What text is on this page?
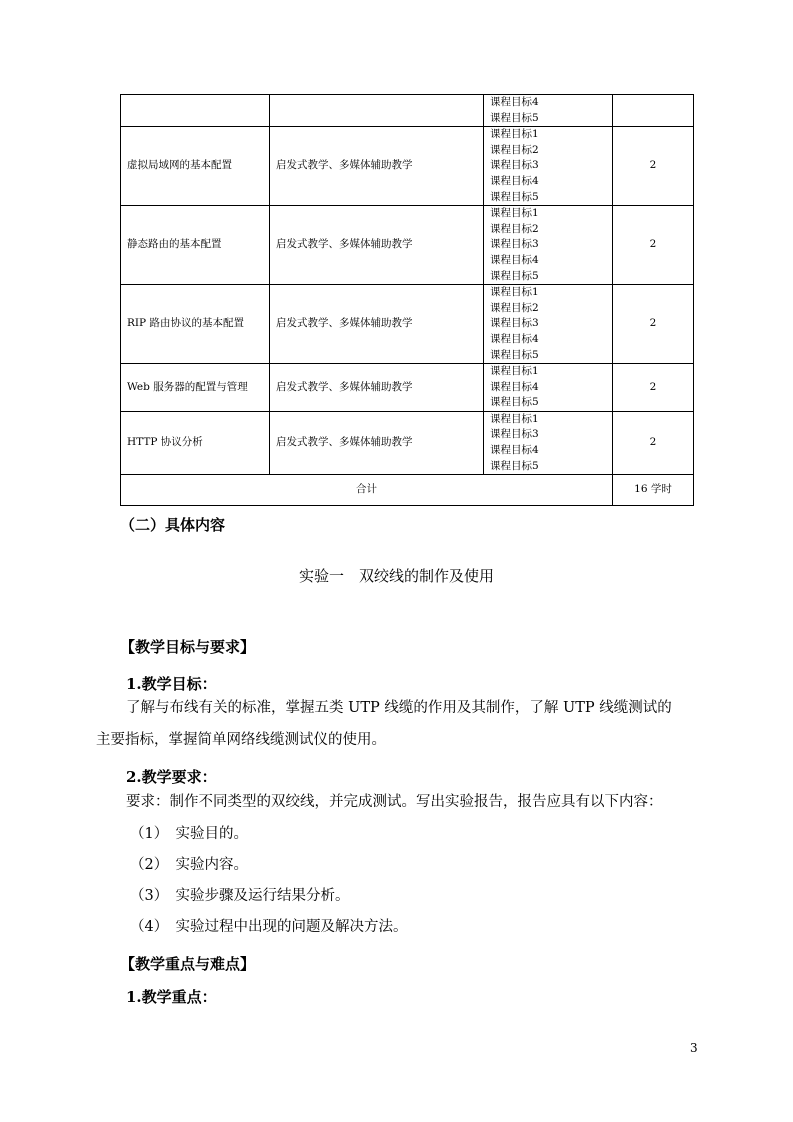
		课程目标4
课程目标5	

虚拟局域网的基本配置	启发式教学、多媒体辅助教学	课程目标1
课程目标2
课程目标3
课程目标4
课程目标5	2
静态路由的基本配置	启发式教学、多媒体辅助教学	课程目标1
课程目标2
课程目标3
课程目标4
课程目标5	2
RIP 路由协议的基本配置	启发式教学、多媒体辅助教学	课程目标1
课程目标2
课程目标3
课程目标4
课程目标5	2
Web 服务器的配置与管理	启发式教学、多媒体辅助教学	课程目标1
课程目标4
课程目标5	2
HTTP 协议分析	启发式教学、多媒体辅助教学	课程目标1
课程目标3
课程目标4
课程目标5	2
合计			16 学时
（二）具体内容
实验一　双绞线的制作及使用
【教学目标与要求】
1.教学目标：
了解与布线有关的标准，掌握五类 UTP 线缆的作用及其制作，了解 UTP 线缆测试的
主要指标，掌握简单网络线缆测试仪的使用。
2.教学要求：
要求：制作不同类型的双绞线，并完成测试。写出实验报告，报告应具有以下内容：
（1）　实验目的。
（2）　实验内容。
（3）　实验步骤及运行结果分析。
（4）　实验过程中出现的问题及解决方法。
【教学重点与难点】
1.教学重点：
3
